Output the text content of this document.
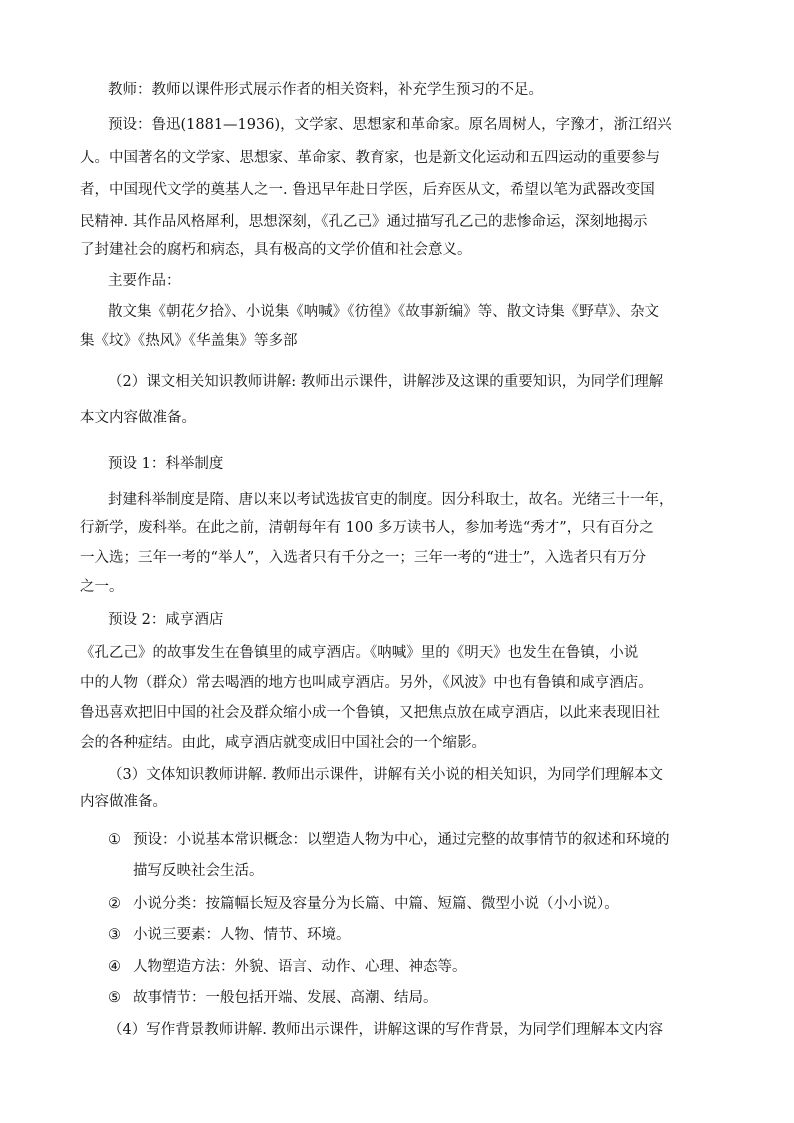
教师：教师以课件形式展示作者的相关资料，补充学生预习的不足。
预设：鲁迅(1881—1936)，文学家、思想家和革命家。原名周树人，字豫才，浙江绍兴
人。中国著名的文学家、思想家、革命家、教育家，也是新文化运动和五四运动的重要参与
者，中国现代文学的奠基人之一. 鲁迅早年赴日学医，后弃医从文，希望以笔为武器改变国
民精神. 其作品风格犀利，思想深刻，《孔乙己》通过描写孔乙己的悲惨命运，深刻地揭示
了封建社会的腐朽和病态，具有极高的文学价值和社会意义。
主要作品：
散文集《朝花夕拾》、小说集《呐喊》《彷徨》《故事新编》等、散文诗集《野草》、杂文
集《坟》《热风》《华盖集》等多部
（2）课文相关知识教师讲解: 教师出示课件，讲解涉及这课的重要知识，为同学们理解
本文内容做准备。
预设 1：科举制度
封建科举制度是隋、唐以来以考试选拔官吏的制度。因分科取士，故名。光绪三十一年，
行新学，废科举。在此之前，清朝每年有 100 多万读书人，参加考选“秀才”，只有百分之
一入选；三年一考的“举人”，入选者只有千分之一；三年一考的“进士”，入选者只有万分
之一。
预设 2：咸亨酒店
《孔乙己》的故事发生在鲁镇里的咸亨酒店。《呐喊》里的《明天》也发生在鲁镇，小说
中的人物（群众）常去喝酒的地方也叫咸亨酒店。另外，《风波》中也有鲁镇和咸亨酒店。
鲁迅喜欢把旧中国的社会及群众缩小成一个鲁镇，又把焦点放在咸亨酒店，以此来表现旧社
会的各种症结。由此，咸亨酒店就变成旧中国社会的一个缩影。
（3）文体知识教师讲解. 教师出示课件，讲解有关小说的相关知识，为同学们理解本文
内容做准备。
① 预设：小说基本常识概念：以塑造人物为中心，通过完整的故事情节的叙述和环境的
描写反映社会生活。
② 小说分类：按篇幅长短及容量分为长篇、中篇、短篇、微型小说（小小说）。
③ 小说三要素：人物、情节、环境。
④ 人物塑造方法：外貌、语言、动作、心理、神态等。
⑤ 故事情节：一般包括开端、发展、高潮、结局。
（4）写作背景教师讲解. 教师出示课件，讲解这课的写作背景，为同学们理解本文内容
